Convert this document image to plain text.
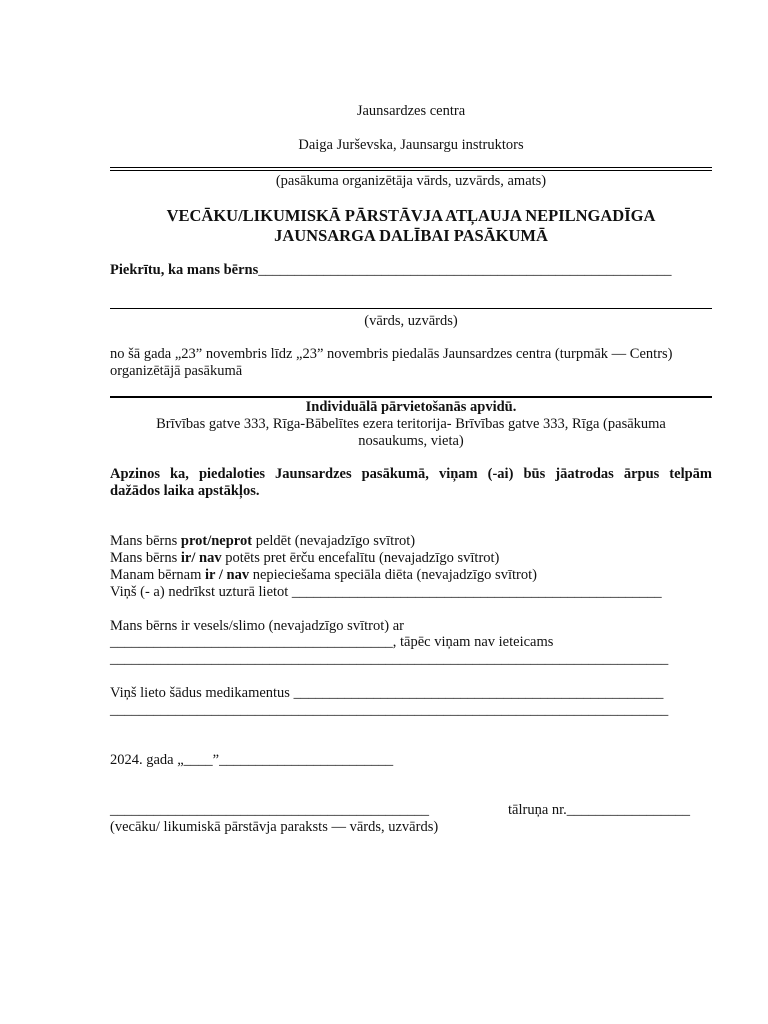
Jaunsardzes centra
Daiga Jurševska, Jaunsargu instruktors
(pasākuma organizētāja vārds, uzvārds, amats)
VECĀKU/LIKUMISKĀ PĀRSTĀVJA ATĻAUJA NEPILNGADĪGA
JAUNSARGA DALĪBAI PASĀKUMĀ
Piekrītu, ka mans bērns_________________________________________________________
(vārds, uzvārds)
no šā gada „23” novembris līdz „23” novembris piedalās Jaunsardzes centra (turpmāk — Centrs)
organizētājā pasākumā
Individuālā pārvietošanās apvidū.
Brīvības gatve 333, Rīga-Bābelītes ezera teritorija- Brīvības gatve 333, Rīga (pasākuma
nosaukums, vieta)
Apzinos ka, piedaloties Jaunsardzes pasākumā, viņam (-ai) būs jāatrodas ārpus telpām
dažādos laika apstākļos.
Mans bērns prot/neprot peldēt (nevajadzīgo svītrot)
Mans bērns ir/ nav potēts pret ērču encefalītu (nevajadzīgo svītrot)
Manam bērnam ir / nav nepieciešama speciāla diēta (nevajadzīgo svītrot)
Viņš (- a) nedrīkst uzturā lietot ___________________________________________________
Mans bērns ir vesels/slimo (nevajadzīgo svītrot) ar
_______________________________________, tāpēc viņam nav ieteicams
_____________________________________________________________________________
Viņš lieto šādus medikamentus ___________________________________________________
_____________________________________________________________________________
2024. gada „____”________________________
____________________________________________	tālruņa nr._________________
(vecāku/ likumiskā pārstāvja paraksts — vārds, uzvārds)
